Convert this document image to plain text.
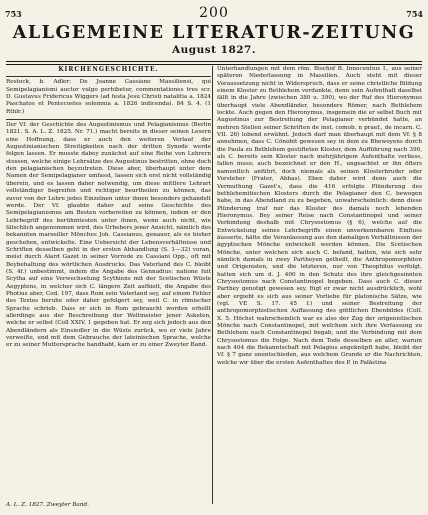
753	200	754
ALLGEMEINE LITERATUR-ZEITUNG
August 1827.
KIRCHENGESCHICHTE.
Rostock, b. Adler: De Joanne Cassiano Massiliensi, qui Semipelagianismi auctor vulgo perhibetur, commentationes tres scr. D. Gustavus Fridericus Wiggers (ad festa Jesu Christi natalitia a. 1824 Paschatos et Pentecostes solemnia a. 1826 indicenda). 84 S. 4. (1 Rthlr.)
Der Vf. der Geschichte des Augustinismus und Pelagianismus (Berlin 1821. S. A. L. Z. 1825. Nr. 71.) macht bereits in dieser seinen Lesern eine Hoffnung, dass er auch den weiteren Verlauf der Augustinianischen Streitigkeiten nach der dritten Synode werde folgen lassen. Er musste dabey zunächst auf eine Reihe von Lehrern stossen, welche einige Lehrsätze des Augustinus bestritten, ohne doch den pelagianischen beyzutreten. Diese aber, überhaupt unter dem Namen der Semipelagianer umfasst, lassen sich erst nicht vollständig überein, und es lassen daher notwendig, um diese mittlere Lehrart vollständiger begreifen und richtiger beurtheilen zu können, das zuvor von der Lehre jedes Einzelnen unter ihnen besonders gehandelt werde. Der Vf. glaubte daher auf seine Geschichte des Semipelagianismus am Besten vorbereiten zu können, indem er den Lehrbegriff des berühmtesten unter ihnen, wenn auch nicht, wie fälschlich angenommen wird, des Urhebers jener Ansicht, nämlich des bekannten marseiller Mönches Joh. Cassianus, genauer, als es bisher geschehen, entwickelte. Eine Uebersicht der Lebensverhältnisse und Schriften desselben geht in der ersten Abhandlung (S. 1—32) voran, meist durch Alard Gazet in seiner Vorrede zu Cassiani Opp., oft mit Beybehaltung des wörtlichen Ausdrucks. Das Vaterland des C. bleibt (S. 4f.) unbestimmt, indem die Angabe des Gennadius: natione fuit Scytha auf eine Verwechselung Scythiens mit der Scetischen Wüste Aegyptens, in welcher sich C. längere Zeit aufhielt, die Angabe des Photius aber, Cod. 197, dass Rom sein Vaterland sey, auf einem Fehler des Textes beruhe oder daher gefolgert sey, weil C. in römischer Sprache schrieb. Dass er sich in Rom gebraucht worden erhellt allerdings aus der Beschreibung der Weltmeister jener Asketen, welche er selbst (Coll XXIV. 1 gegeben hat. Er zog sich jedoch aus den Abendländern als Einsiedler in die Wüste zurück, wo er viele Jahre verweilte, und mit dem Gebrauche der lateinischen Sprache, welche er zu seiner Muttersprache handhabt, kam er zu einer Zweyter Band.
Unterhandlungen mit dem röm. Bischof B. Innocentius I., aus seiner späteren Niederlassung in Massilien. Auch steht mit dieser Voraussetzung nicht in Widerspruch, dass er seine christliche Bildung einem Kloster zu Bethlehem verdankte, denn sein Aufenthalt daselbst fällt in die Jahre (zwischen 380 u. 390), wo der Ruf des Hieronymus überhaupt viele Abendländer, besonders Römer, nach Bethlehem lockte. Auch gegen den Hieronymus, insgemein die er selbst Buch mit Augustinus zur Bestreitung der Pelagianer verbündet hatte, an mehren Stellen seiner Schriften de inst. comob. n praef., de incarn. C. VII. 26) lobend erwähnt. Jedoch darf man überhaupt mit dem Vf. § 8 annehmen, dass C. Cönobit gewesen sey in dem zu Bhewoyens durch die Paula zu Bethlehem gestifteten Kloster, dem Aufführung nach 390, als C. bereits sein Kloster nach mehrjährigem Aufenthalte verliess, fallen muss; auch bezeichnet er den H., ungeachtet er ihn öfters namentlich anführt, doch niemals als seinen Klosterbruder oder Vorsteher (Frater, Abbas). Eben daher wird denn auch die Vermuthung Gazet's, dass die 416 erfolgte Plünderung des bethlehemitischen Klosters durch die Pelagianer den C. bewogen habe, in das Abendland zu zu begeben, unwahrscheinlich: denn diese Plünderung traf nur das Kloster des damals noch lebenden Hieronymus. Bey seiner Reise nach Constantinopel und seiner Verbindung deshalb mit Chrysostomus (§ 6), welche auf die Entwickelung seines Lehrbegriffs einen unverkennbaren Einfluss äusserte, hätte die Veranlassung aus den damaligen Verhältnissen der ägyptischen Mönche entwickelt werden können. Die Scetischen Mönche, unter welchen sich auch C. befand, hatten, wie sich sehr nämlich damals in zwey Partheyen getheilt, die Anthropomorphiten und Origenisten, und die letzteren, nur von Theophilus verfolgt, hatten sich um d. J. 400 in den Schutz des ihre gleichgesinnten Chrysostomus nach Constantinopel begeben. Dass auch C. dieser Parthey genotigt gewesen sey, fügt er zwar nicht ausdrücklich, wohl aber ergiebt es sich aus seiner Vorliebe für platonische Sätze, wie (vgl. VE S. 17. 45 f.) und seiner Bestreitung der anthropomorphistischen Auffassung des göttlichen Ebenbildes (Coll. X. 5. Höchst wahrscheinlich war es also der Zug der origenistischen Mönche nach Constantinopel, mit welchem sich ihre Verfassung zu Bethlehem nach Constantinopel begab, und die Verbindung mit dem Chrysostomus die Folge. Nach dem Tode desselben an aller, warum nach 404 die Bekanntschaft mit Pelagius angeknüpft habe, bleibt der Vf. § 7 ganz unentschieden, aus welchem Grunde er die Nachrichten, welche wir über die ersten Aufenthaltes des P. in Palästina
A. L. Z. 1827. Zweyter Band.
